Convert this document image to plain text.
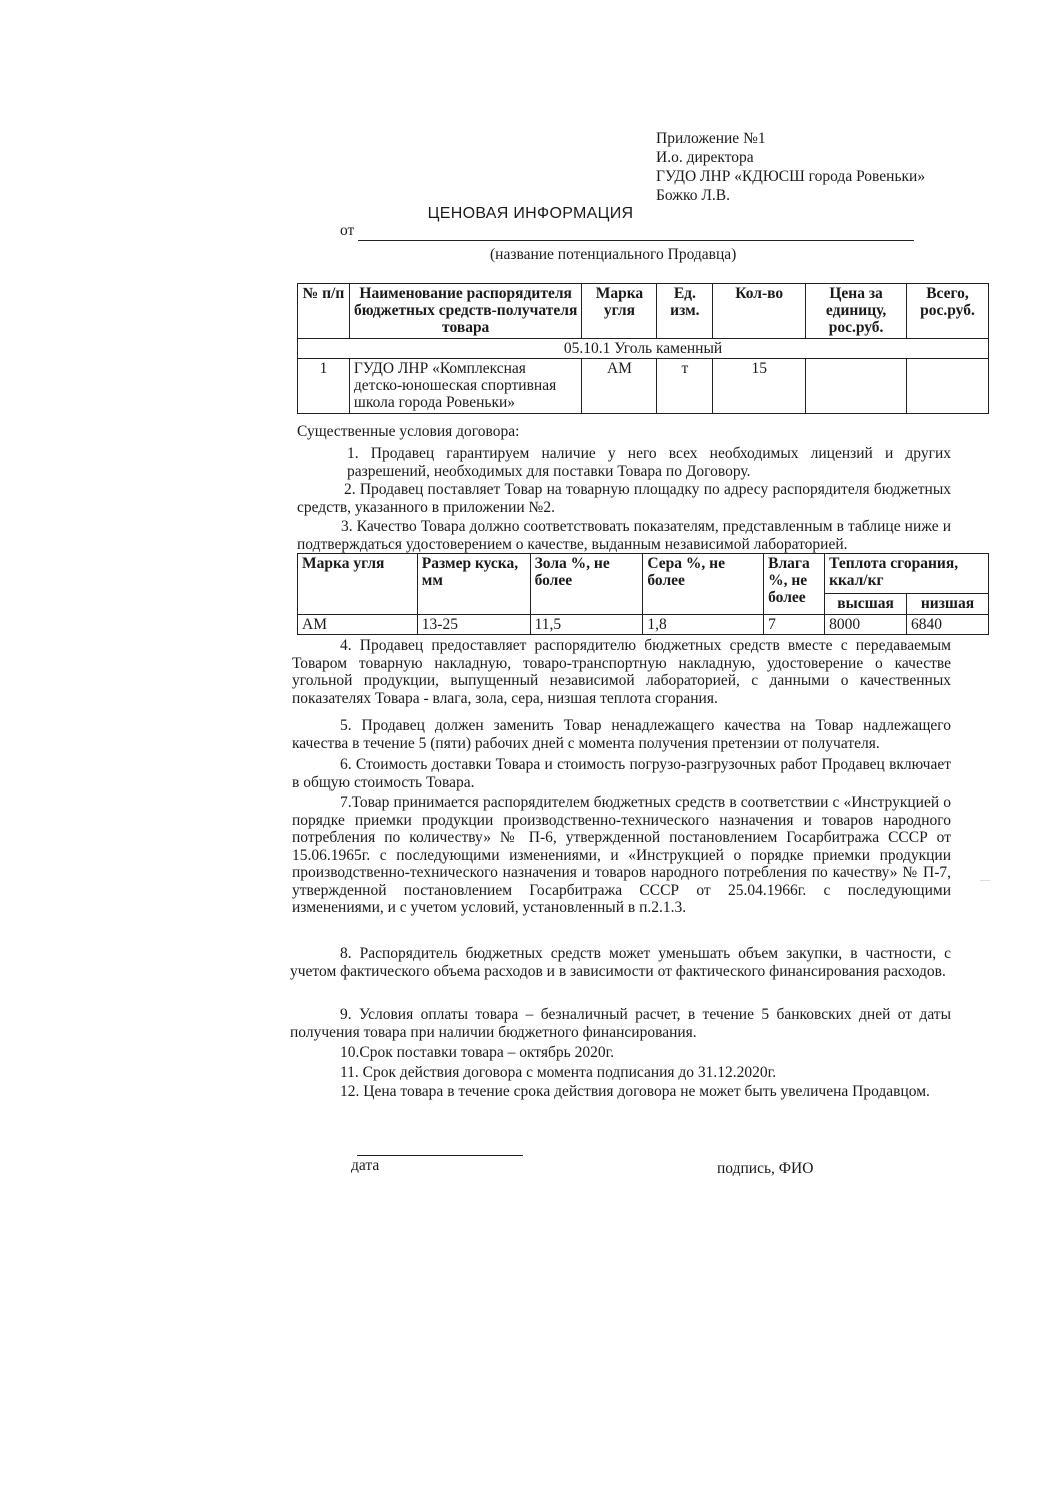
Приложение №1
И.о. директора
ГУДО ЛНР «КДЮСШ города Ровеньки»
Божко Л.В.
ЦЕНОВАЯ ИНФОРМАЦИЯ
от
(название потенциального Продавца)
№ п/п	Наименование распорядителя бюджетных средств-получателя товара	Марка угля	Ед. изм.	Кол-во	Цена за единицу, рос.руб.	Всего, рос.руб.
05.10.1 Уголь каменный						
1	ГУДО ЛНР «Комплексная детско-юношеская спортивная школа города Ровеньки»	АМ	т	15		
Существенные условия договора:
1. Продавец гарантируем наличие у него всех необходимых лицензий и других разрешений, необходимых для поставки Товара по Договору.
2. Продавец поставляет Товар на товарную площадку по адресу распорядителя бюджетных средств, указанного в приложении №2.
3. Качество Товара должно соответствовать показателям, представленным в таблице ниже и подтверждаться удостоверением о качестве, выданным независимой лабораторией.
Марка угля	Размер куска, мм	Зола %, не более	Сера %, не более	Влага %, не более	Теплота сгорания, ккал/кг	
					высшая	низшая
АМ	13-25	11,5	1,8	7	8000	6840
4. Продавец предоставляет распорядителю бюджетных средств вместе с передаваемым Товаром товарную накладную, товаро-транспортную накладную, удостоверение о качестве угольной продукции, выпущенный независимой лабораторией, с данными о качественных показателях Товара - влага, зола, сера, низшая теплота сгорания.
5. Продавец должен заменить Товар ненадлежащего качества на Товар надлежащего качества в течение 5 (пяти) рабочих дней с момента получения претензии от получателя.
6. Стоимость доставки Товара и стоимость погрузо-разгрузочных работ Продавец включает в общую стоимость Товара.
7.Товар принимается распорядителем бюджетных средств в соответствии с «Инструкцией о порядке приемки продукции производственно-технического назначения и товаров народного потребления по количеству» № П-6, утвержденной постановлением Госарбитража СССР от 15.06.1965г. с последующими изменениями, и «Инструкцией о порядке приемки продукции производственно-технического назначения и товаров народного потребления по качеству» № П-7, утвержденной постановлением Госарбитража СССР от 25.04.1966г. с последующими изменениями, и с учетом условий, установленный в п.2.1.3.
8. Распорядитель бюджетных средств может уменьшать объем закупки, в частности, с учетом фактического объема расходов и в зависимости от фактического финансирования расходов.
9. Условия оплаты товара – безналичный расчет, в течение 5 банковских дней от даты получения товара при наличии бюджетного финансирования.
10.Срок поставки товара – октябрь 2020г.
11. Срок действия договора с момента подписания до 31.12.2020г.
12. Цена товара в течение срока действия договора не может быть увеличена Продавцом.
дата	подпись, ФИО
